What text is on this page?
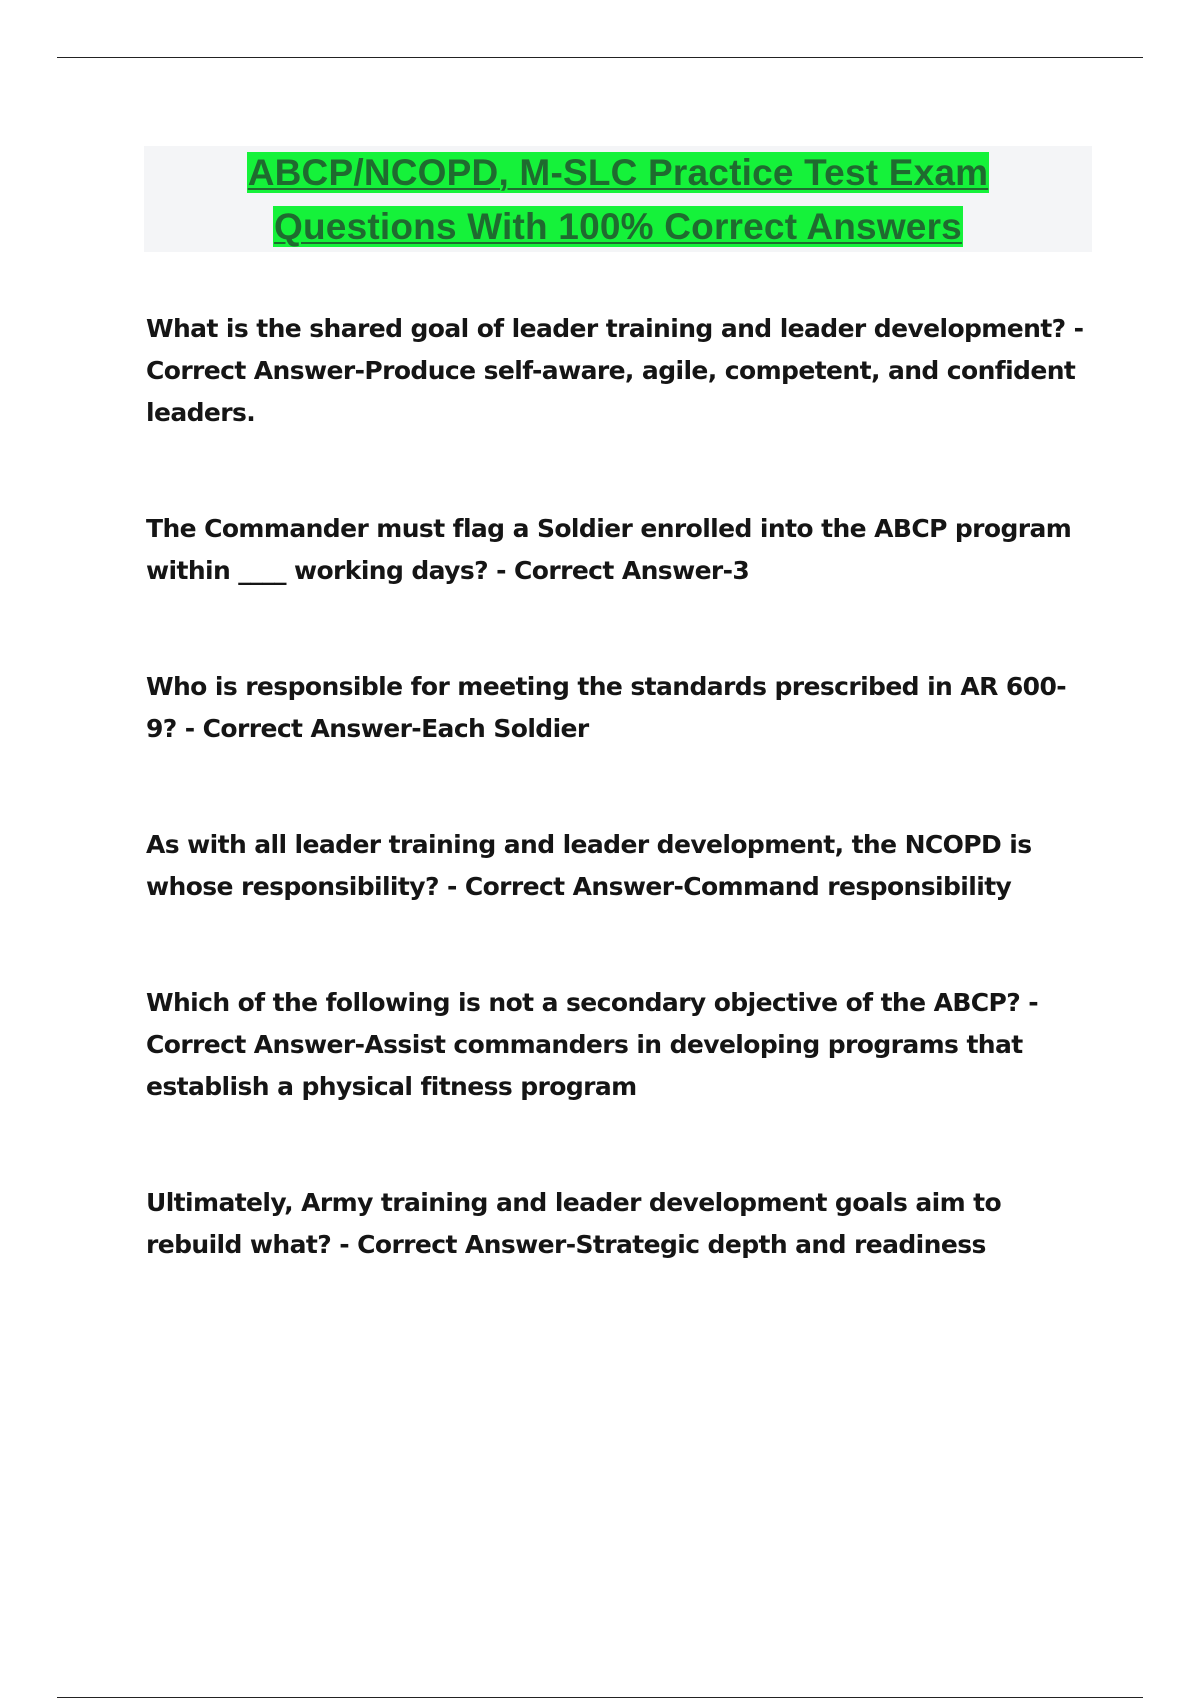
ABCP/NCOPD, M-SLC Practice Test Exam
Questions With 100% Correct Answers
What is the shared goal of leader training and leader development? - Correct Answer-Produce self-aware, agile, competent, and confident leaders.
The Commander must flag a Soldier enrolled into the ABCP program within ____ working days? - Correct Answer-3
Who is responsible for meeting the standards prescribed in AR 600-9? - Correct Answer-Each Soldier
As with all leader training and leader development, the NCOPD is whose responsibility? - Correct Answer-Command responsibility
Which of the following is not a secondary objective of the ABCP? - Correct Answer-Assist commanders in developing programs that establish a physical fitness program
Ultimately, Army training and leader development goals aim to rebuild what? - Correct Answer-Strategic depth and readiness
